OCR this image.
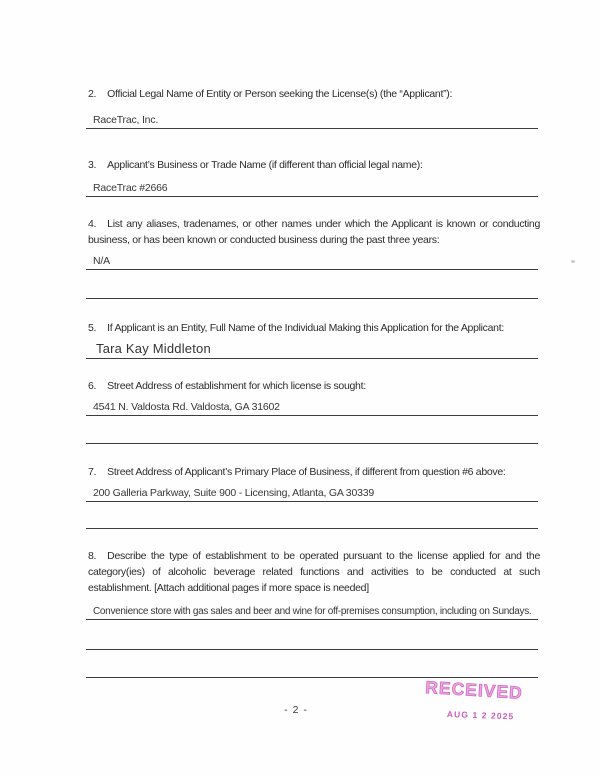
2. Official Legal Name of Entity or Person seeking the License(s) (the “Applicant”):
RaceTrac, Inc.
3. Applicant’s Business or Trade Name (if different than official legal name):
RaceTrac #2666
4. List any aliases, tradenames, or other names under which the Applicant is known or conducting business, or has been known or conducted business during the past three years:
N/A
5. If Applicant is an Entity, Full Name of the Individual Making this Application for the Applicant:
Tara Kay Middleton
6. Street Address of establishment for which license is sought:
4541 N. Valdosta Rd. Valdosta, GA 31602
7. Street Address of Applicant’s Primary Place of Business, if different from question #6 above:
200 Galleria Parkway, Suite 900 - Licensing, Atlanta, GA 30339
8. Describe the type of establishment to be operated pursuant to the license applied for and the category(ies) of alcoholic beverage related functions and activities to be conducted at such establishment. [Attach additional pages if more space is needed]
Convenience store with gas sales and beer and wine for off-premises consumption, including on Sundays.
- 2 -
RECEIVED
AUG 1 2 2025
